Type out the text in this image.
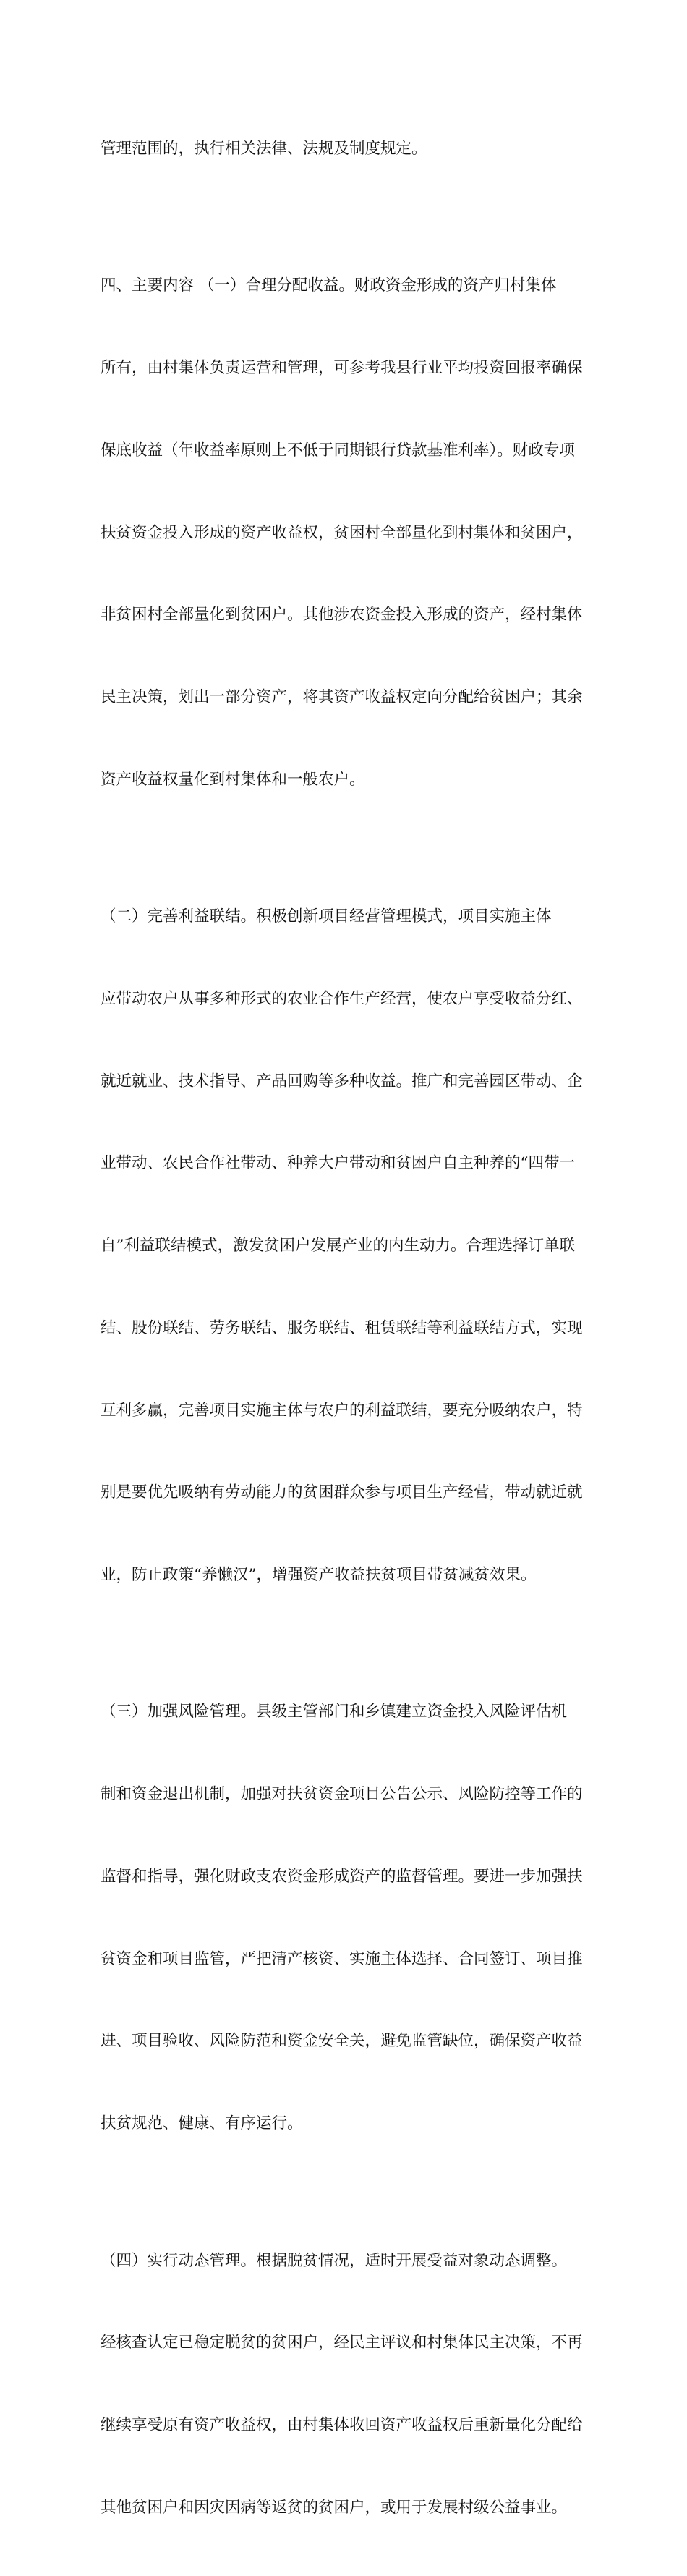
管理范围的，执行相关法律、法规及制度规定。

四、主要内容 （一）合理分配收益。财政资金形成的资产归村集体

所有，由村集体负责运营和管理，可参考我县行业平均投资回报率确保

保底收益（年收益率原则上不低于同期银行贷款基准利率）。财政专项

扶贫资金投入形成的资产收益权，贫困村全部量化到村集体和贫困户，

非贫困村全部量化到贫困户。其他涉农资金投入形成的资产，经村集体

民主决策，划出一部分资产，将其资产收益权定向分配给贫困户；其余

资产收益权量化到村集体和一般农户。

（二）完善利益联结。积极创新项目经营管理模式，项目实施主体

应带动农户从事多种形式的农业合作生产经营，使农户享受收益分红、

就近就业、技术指导、产品回购等多种收益。推广和完善园区带动、企

业带动、农民合作社带动、种养大户带动和贫困户自主种养的“四带一

自”利益联结模式，激发贫困户发展产业的内生动力。合理选择订单联

结、股份联结、劳务联结、服务联结、租赁联结等利益联结方式，实现

互利多赢，完善项目实施主体与农户的利益联结，要充分吸纳农户，特

别是要优先吸纳有劳动能力的贫困群众参与项目生产经营，带动就近就

业，防止政策“养懒汉”，增强资产收益扶贫项目带贫减贫效果。

（三）加强风险管理。县级主管部门和乡镇建立资金投入风险评估机

制和资金退出机制，加强对扶贫资金项目公告公示、风险防控等工作的

监督和指导，强化财政支农资金形成资产的监督管理。要进一步加强扶

贫资金和项目监管，严把清产核资、实施主体选择、合同签订、项目推

进、项目验收、风险防范和资金安全关，避免监管缺位，确保资产收益

扶贫规范、健康、有序运行。

（四）实行动态管理。根据脱贫情况，适时开展受益对象动态调整。

经核查认定已稳定脱贫的贫困户，经民主评议和村集体民主决策，不再

继续享受原有资产收益权，由村集体收回资产收益权后重新量化分配给

其他贫困户和因灾因病等返贫的贫困户，或用于发展村级公益事业。
